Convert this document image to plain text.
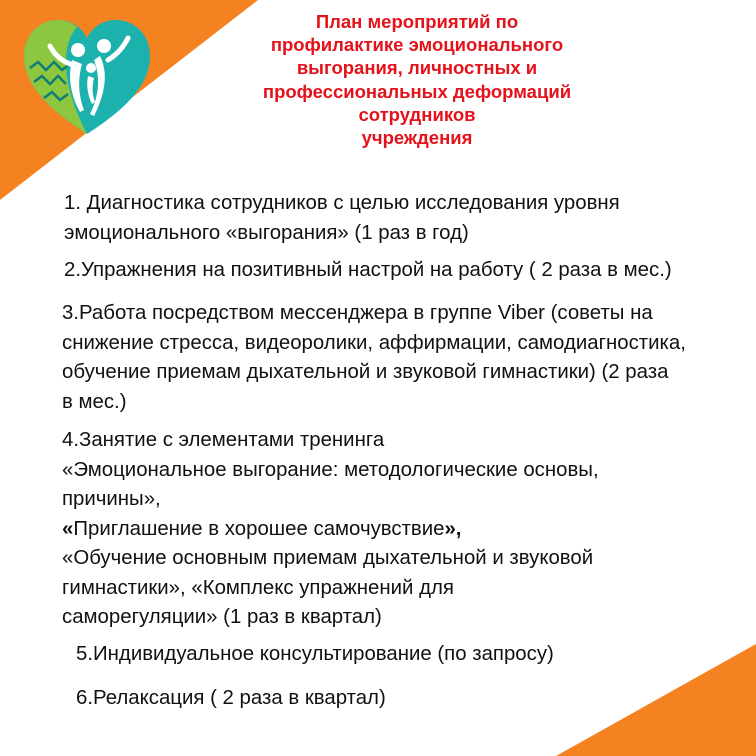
План мероприятий по
профилактике эмоционального
выгорания, личностных и
профессиональных деформаций
сотрудников
учреждения

1. Диагностика сотрудников с целью исследования уровня
эмоционального «выгорания» (1 раз в год)

2.Упражнения на позитивный настрой на работу ( 2 раза в мес.)

3.Работа посредством мессенджера в группе Viber (советы на
снижение стресса, видеоролики, аффирмации, самодиагностика,
обучение приемам дыхательной и звуковой гимнастики) (2 раза
в мес.)

4.Занятие с элементами тренинга
«Эмоциональное выгорание: методологические основы,
причины»,
«Приглашение в хорошее самочувствие»,
«Обучение основным приемам дыхательной и звуковой
гимнастики», «Комплекс упражнений для
саморегуляции» (1 раз в квартал)

5.Индивидуальное консультирование (по запросу)

6.Релаксация ( 2 раза в квартал)
